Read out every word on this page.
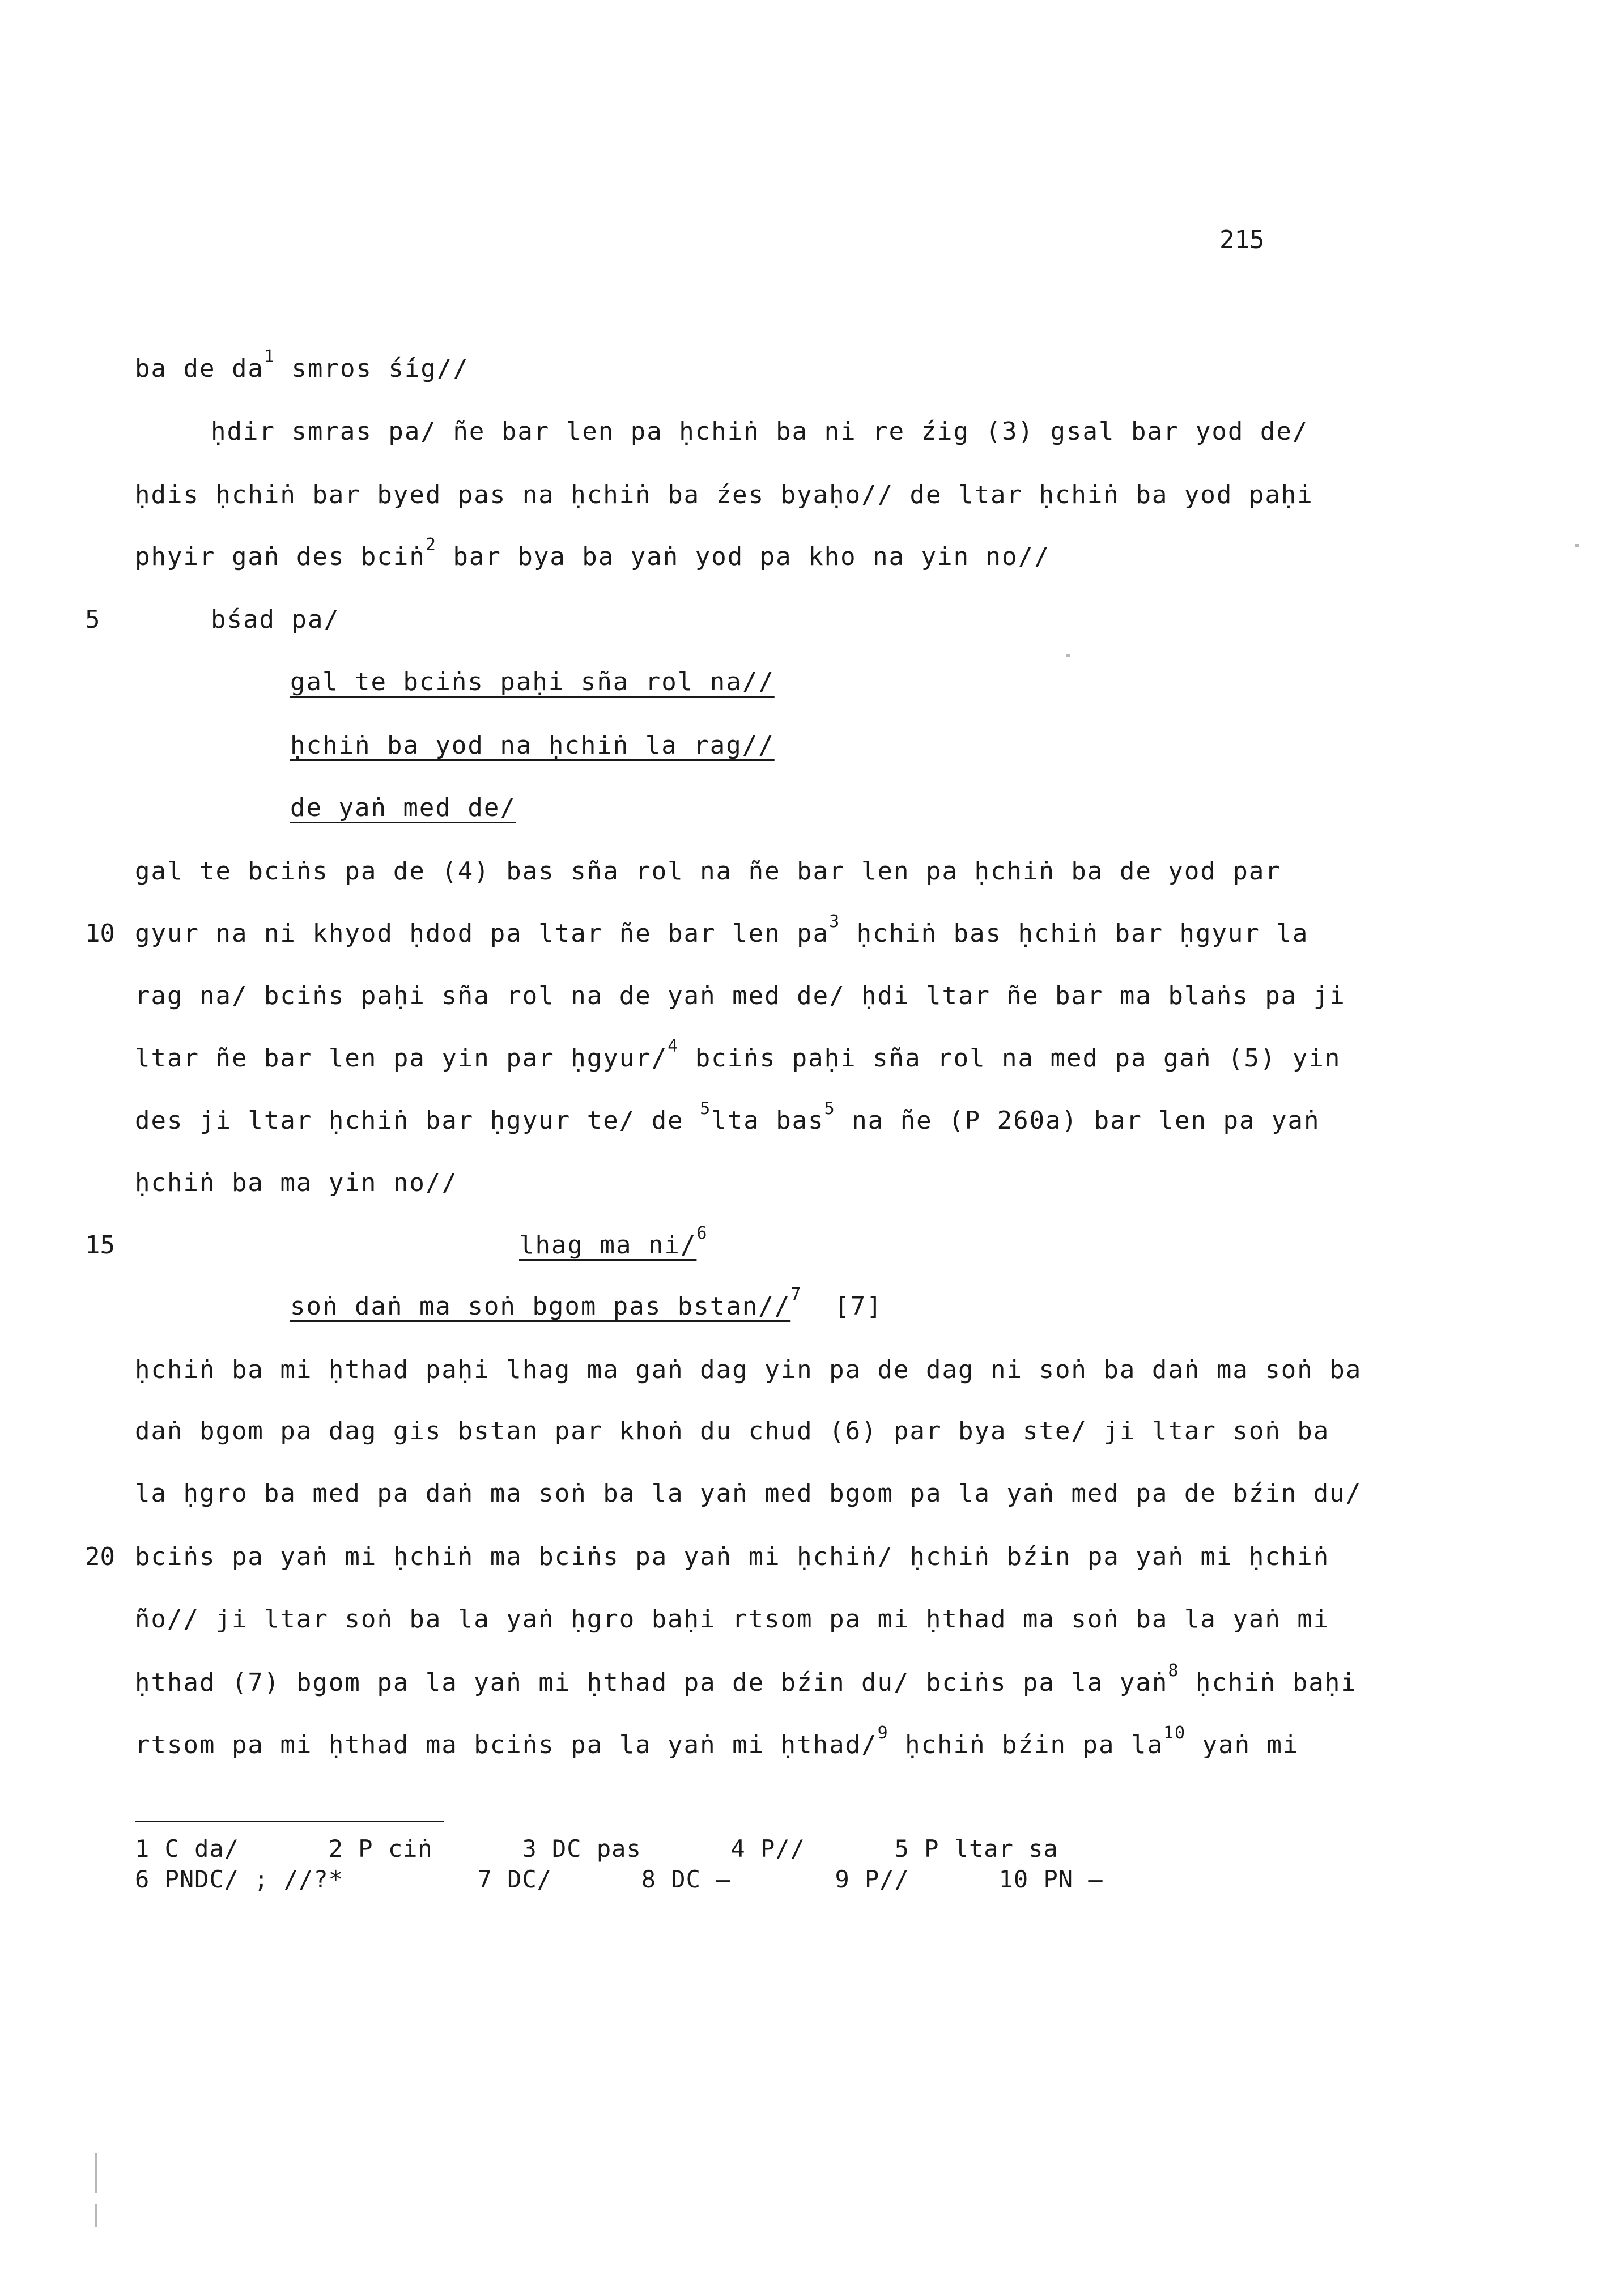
215
ba de $da^1$ smros ś́ig//
ḥdir smras pa/ ñe bar len pa ḥchiṅ ba ni re źig (3) gsal bar yod de/
ḥdis ḥchiṅ bar byed pas na ḥchiṅ ba źes byaḥo// de ltar ḥchiṅ ba yod paḥi
phyir gaṅ des bciṅ$^2$ bar bya ba yaṅ yod pa kho na yin no//
5	bśad pa/
gal te bciṅs paḥi sña rol na//
ḥchiṅ ba yod na ḥchiṅ la rag//
de yaṅ med de/
gal te bciṅs pa de (4) bas sña rol na ñe bar len pa ḥchiṅ ba de yod par
10 gyur na ni khyod ḥdod pa ltar ñe bar len $pa^3$ ḥchiṅ bas ḥchiṅ bar ḥgyur la
rag na/ bciṅs paḥi sña rol na de yaṅ med de/ ḥdi ltar ñe bar ma blaṅs pa ji
ltar ñe bar len pa yin par ḥgyur/$^4$ bciṅs paḥi sña rol na med pa gaṅ (5) yin
des ji ltar ḥchiṅ bar ḥgyur te/ de $^5$lta bas$^5$ na ñe (P 260a) bar len pa yaṅ
ḥchiṅ ba ma yin no//
15	lhag ma ni/$^6$
soṅ daṅ ma soṅ bgom pas bstan//$^7$  [7]
ḥchiṅ ba mi ḥthad paḥi lhag ma gaṅ dag yin pa de dag ni soṅ ba daṅ ma soṅ ba
daṅ bgom pa dag gis bstan par khoṅ du chud (6) par bya ste/ ji ltar soṅ ba
la ḥgro ba med pa daṅ ma soṅ ba la yaṅ med bgom pa la yaṅ med pa de bźin du/
20 bciṅs pa yaṅ mi ḥchiṅ ma bciṅs pa yaṅ mi ḥchiṅ/ ḥchiṅ bźin pa yaṅ mi ḥchiṅ
ño// ji ltar soṅ ba la yaṅ ḥgro baḥi rtsom pa mi ḥthad ma soṅ ba la yaṅ mi
ḥthad (7) bgom pa la yaṅ mi ḥthad pa de bźin du/ bciṅs pa la yaṅ$^8$ ḥchiṅ baḥi
rtsom pa mi ḥthad ma bciṅs pa la yaṅ mi ḥthad/$^9$ ḥchiṅ bźin pa $la^{10}$ yaṅ mi
1 C da/      2 P ciṅ      3 DC pas      4 P//      5 P ltar sa
6 PNDC/ ; //?*         7 DC/      8 DC —       9 P//      10 PN —
